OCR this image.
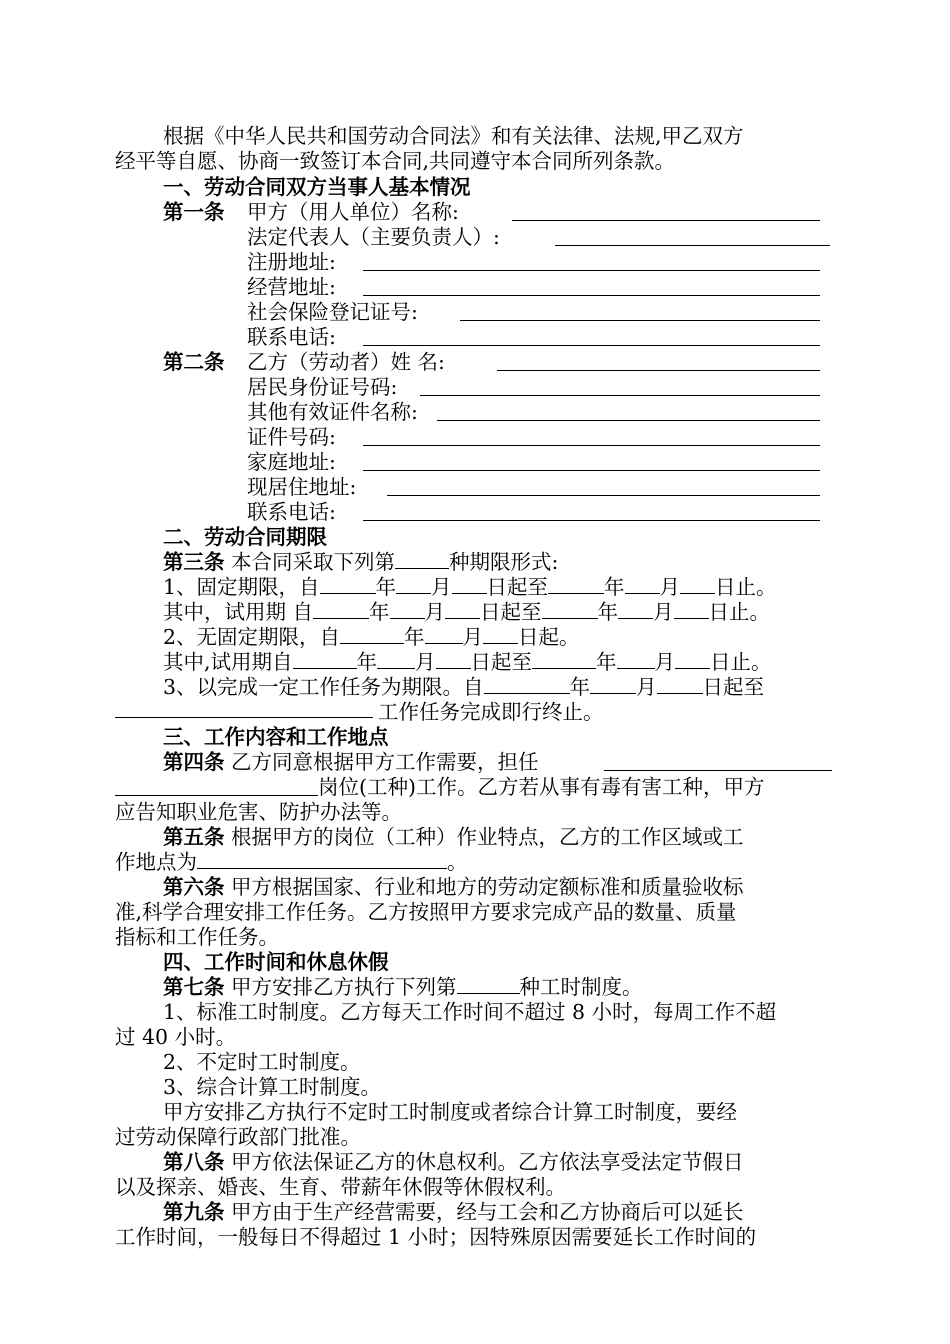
根据《中华人民共和国劳动合同法》和有关法律、法规,甲乙双方
经平等自愿、协商一致签订本合同,共同遵守本合同所列条款。
一、劳动合同双方当事人基本情况
第一条 甲方（用人单位）名称:
法定代表人（主要负责人）:
注册地址:
经营地址:
社会保险登记证号:
联系电话:
第二条 乙方（劳动者）姓 名:
居民身份证号码:
其他有效证件名称:
证件号码:
家庭地址:
现居住地址:
联系电话:
二、劳动合同期限
第三条 本合同采取下列第	种期限形式:
1、固定期限，自	年 月 日起至	年 月 日止。
其中，试用期 自	年 月 日起至	年 月 日止。
2、无固定期限，自	年 月 日起。
其中,试用期自	年 月 日起至	年 月 日止。
3、以完成一定工作任务为期限。自	年 月 日起至
工作任务完成即行终止。
三、工作内容和工作地点
第四条 乙方同意根据甲方工作需要，担任
岗位(工种)工作。乙方若从事有毒有害工种，甲方
应告知职业危害、防护办法等。
第五条 根据甲方的岗位（工种）作业特点，乙方的工作区域或工
作地点为	。
第六条 甲方根据国家、行业和地方的劳动定额标准和质量验收标
准,科学合理安排工作任务。乙方按照甲方要求完成产品的数量、质量
指标和工作任务。
四、工作时间和休息休假
第七条 甲方安排乙方执行下列第	种工时制度。
1、标准工时制度。乙方每天工作时间不超过 8 小时，每周工作不超
过 40 小时。
2、不定时工时制度。
3、综合计算工时制度。
甲方安排乙方执行不定时工时制度或者综合计算工时制度，要经
过劳动保障行政部门批准。
第八条 甲方依法保证乙方的休息权利。乙方依法享受法定节假日
以及探亲、婚丧、生育、带薪年休假等休假权利。
第九条 甲方由于生产经营需要，经与工会和乙方协商后可以延长
工作时间，一般每日不得超过 1 小时；因特殊原因需要延长工作时间的
